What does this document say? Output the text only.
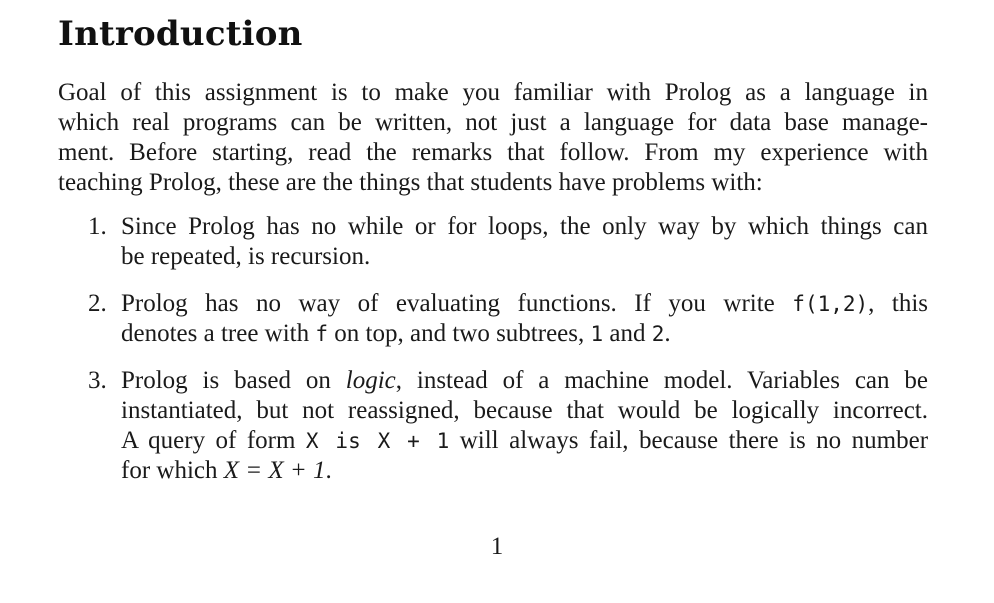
Introduction
Goal of this assignment is to make you familiar with Prolog as a language in
which real programs can be written, not just a language for data base manage-
ment. Before starting, read the remarks that follow. From my experience with
teaching Prolog, these are the things that students have problems with:
1. Since Prolog has no while or for loops, the only way by which things can
be repeated, is recursion.
2. Prolog has no way of evaluating functions. If you write f(1,2), this
denotes a tree with f on top, and two subtrees, 1 and 2.
3. Prolog is based on logic, instead of a machine model. Variables can be
instantiated, but not reassigned, because that would be logically incorrect.
A query of form X is X + 1 will always fail, because there is no number
for which X = X + 1.
1
